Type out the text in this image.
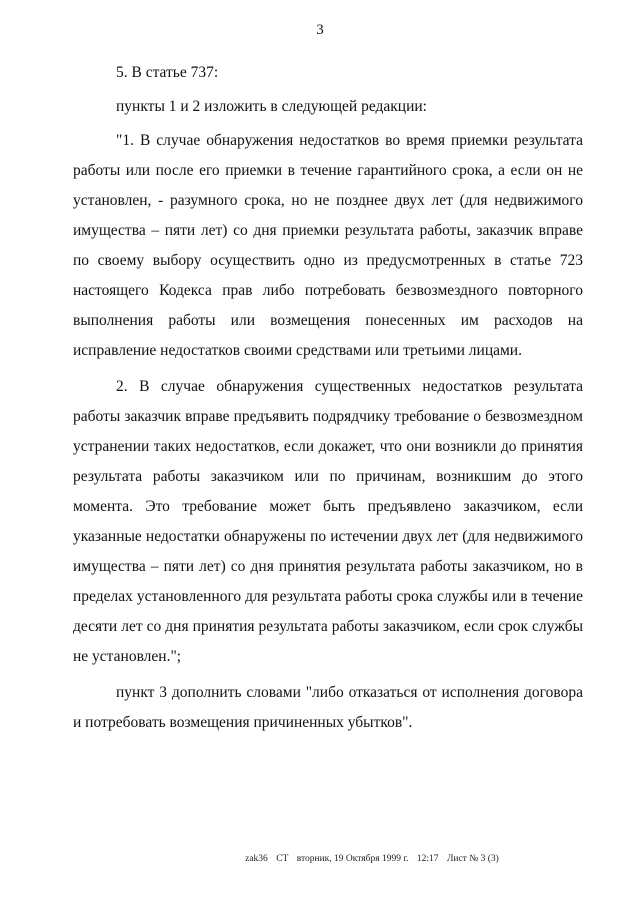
3

5. В статье 737:

пункты 1 и 2 изложить в следующей редакции:

"1. В случае обнаружения недостатков во время приемки результата работы или после его приемки в течение гарантийного срока, а если он не установлен, - разумного срока, но не позднее двух лет (для недвижимого имущества – пяти лет) со дня приемки результата работы, заказчик вправе по своему выбору осуществить одно из предусмотренных в статье 723 настоящего Кодекса прав либо потребовать безвозмездного повторного выполнения работы или возмещения понесенных им расходов на исправление недостатков своими средствами или третьими лицами.

2. В случае обнаружения существенных недостатков результата работы заказчик вправе предъявить подрядчику требование о безвозмездном устранении таких недостатков, если докажет, что они возникли до принятия результата работы заказчиком или по причинам, возникшим до этого момента. Это требование может быть предъявлено заказчиком, если указанные недостатки обнаружены по истечении двух лет (для недвижимого имущества – пяти лет) со дня принятия результата работы заказчиком, но в пределах установленного для результата работы срока службы или в течение десяти лет со дня принятия результата работы заказчиком, если срок службы не установлен.";

пункт 3 дополнить словами "либо отказаться от исполнения договора и потребовать возмещения причиненных убытков".

zak36 CT вторник, 19 Октября 1999 г. 12:17 Лист № 3 (3)
